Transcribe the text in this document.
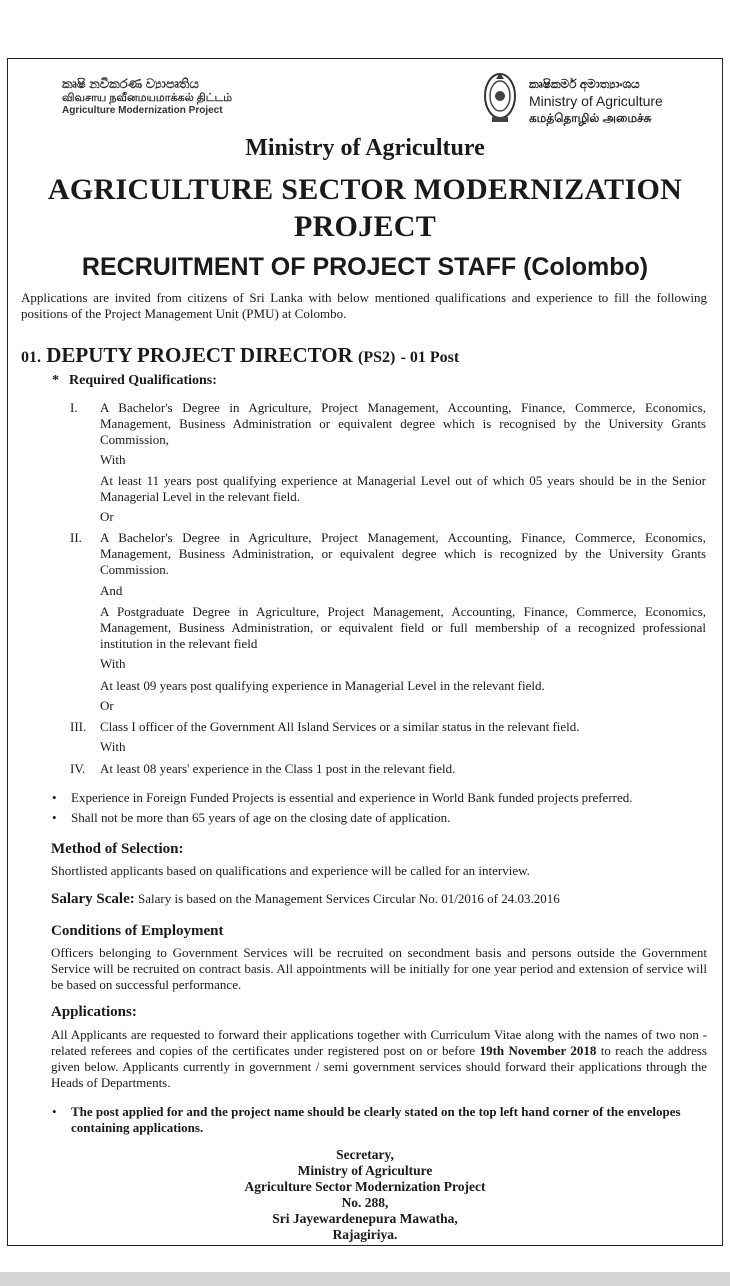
කෘෂි නවීකරණ ව්‍යාපෘතිය
விவசாய நவீனமயமாக்கல் திட்டம்
Agriculture Modernization Project
කෘෂිකර්ම අමාත්‍යාංශය
Ministry of Agriculture
கமத்தொழில் அமைச்சு
Ministry of Agriculture
AGRICULTURE SECTOR MODERNIZATION PROJECT
RECRUITMENT OF PROJECT STAFF (Colombo)
Applications are invited from citizens of Sri Lanka with below mentioned qualifications and experience to fill the following positions of the Project Management Unit (PMU) at Colombo.
01. DEPUTY PROJECT DIRECTOR (PS2) - 01 Post
* Required Qualifications:
I. A Bachelor's Degree in Agriculture, Project Management, Accounting, Finance, Commerce, Economics, Management, Business Administration or equivalent degree which is recognised by the University Grants Commission,
With
At least 11 years post qualifying experience at Managerial Level out of which 05 years should be in the Senior Managerial Level in the relevant field.
Or
II. A Bachelor's Degree in Agriculture, Project Management, Accounting, Finance, Commerce, Economics, Management, Business Administration, or equivalent degree which is recognized by the University Grants Commission.
And
A Postgraduate Degree in Agriculture, Project Management, Accounting, Finance, Commerce, Economics, Management, Business Administration, or equivalent field or full membership of a recognized professional institution in the relevant field
With
At least 09 years post qualifying experience in Managerial Level in the relevant field.
Or
III. Class I officer of the Government All Island Services or a similar status in the relevant field.
With
IV. At least 08 years' experience in the Class 1 post in the relevant field.
• Experience in Foreign Funded Projects is essential and experience in World Bank funded projects preferred.
• Shall not be more than 65 years of age on the closing date of application.
Method of Selection:
Shortlisted applicants based on qualifications and experience will be called for an interview.
Salary Scale: Salary is based on the Management Services Circular No. 01/2016 of 24.03.2016
Conditions of Employment
Officers belonging to Government Services will be recruited on secondment basis and persons outside the Government Service will be recruited on contract basis. All appointments will be initially for one year period and extension of service will be based on successful performance.
Applications:
All Applicants are requested to forward their applications together with Curriculum Vitae along with the names of two non - related referees and copies of the certificates under registered post on or before 19th November 2018 to reach the address given below. Applicants currently in government / semi government services should forward their applications through the Heads of Departments.
• The post applied for and the project name should be clearly stated on the top left hand corner of the envelopes containing applications.
Secretary,
Ministry of Agriculture
Agriculture Sector Modernization Project
No. 288,
Sri Jayewardenepura Mawatha,
Rajagiriya.
